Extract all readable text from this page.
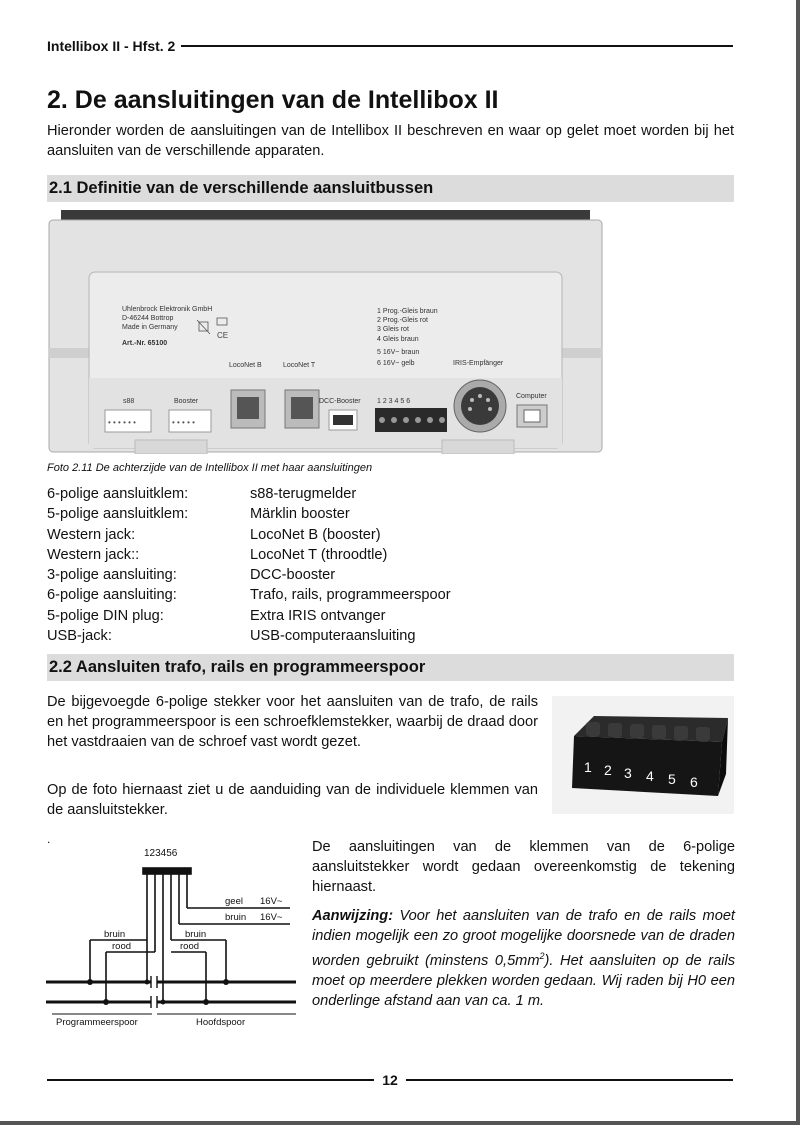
Intellibox II - Hfst. 2
2. De aansluitingen van de Intellibox II
Hieronder worden de aansluitingen van de Intellibox II beschreven en waar op gelet moet worden bij het aansluiten van de verschillende apparaten.
2.1 Definitie van de verschillende aansluitbussen
Uhlenbrock Elektronik GmbH
D-46244 Bottrop
Made in Germany
Art.-Nr. 65100
CE
1 Prog.-Gleis braun
2 Prog.-Gleis rot
3 Gleis rot
4 Gleis braun
5 16V~ braun
6 16V~ gelb
LocoNet B	LocoNet T	IRIS-Empfänger
s88	Booster	DCC-Booster 1 2 3 4 5 6
Computer
• • • • • •	• • • • •
Foto 2.11 De achterzijde van de Intellibox II met haar aansluitingen
6-polige aansluitklem:	s88-terugmelder
5-polige aansluitklem:	Märklin booster
Western jack:	LocoNet B (booster)
Western jack::	LocoNet T (throodtle)
3-polige aansluiting:	DCC-booster
6-polige aansluiting:	Trafo, rails, programmeerspoor
5-polige DIN plug:	Extra IRIS ontvanger
USB-jack:	USB-computeraansluiting
2.2 Aansluiten trafo, rails en programmeerspoor
De bijgevoegde 6-polige stekker voor het aansluiten van de trafo, de rails en het programmeerspoor is een schroefklemstekker, waarbij de draad door het vastdraaien van de schroef vast wordt gezet.
Op de foto hiernaast ziet u de aanduiding van de individuele klemmen van de aansluitstekker.
1 2 3 4 5 6
.
123456
geel 16V~
bruin 16V~
bruin
rood
bruin
rood
Programmeerspoor	Hoofdspoor
De aansluitingen van de klemmen van de 6-polige aansluitstekker wordt gedaan overeenkomstig de tekening hiernaast.
Aanwijzing: Voor het aansluiten van de trafo en de rails moet indien mogelijk een zo groot mogelijke doorsnede van de draden worden gebruikt (minstens $0,5mm^2$). Het aansluiten op de rails moet op meerdere plekken worden gedaan. Wij raden bij H0 een onderlinge afstand aan van ca. 1 m.
12
